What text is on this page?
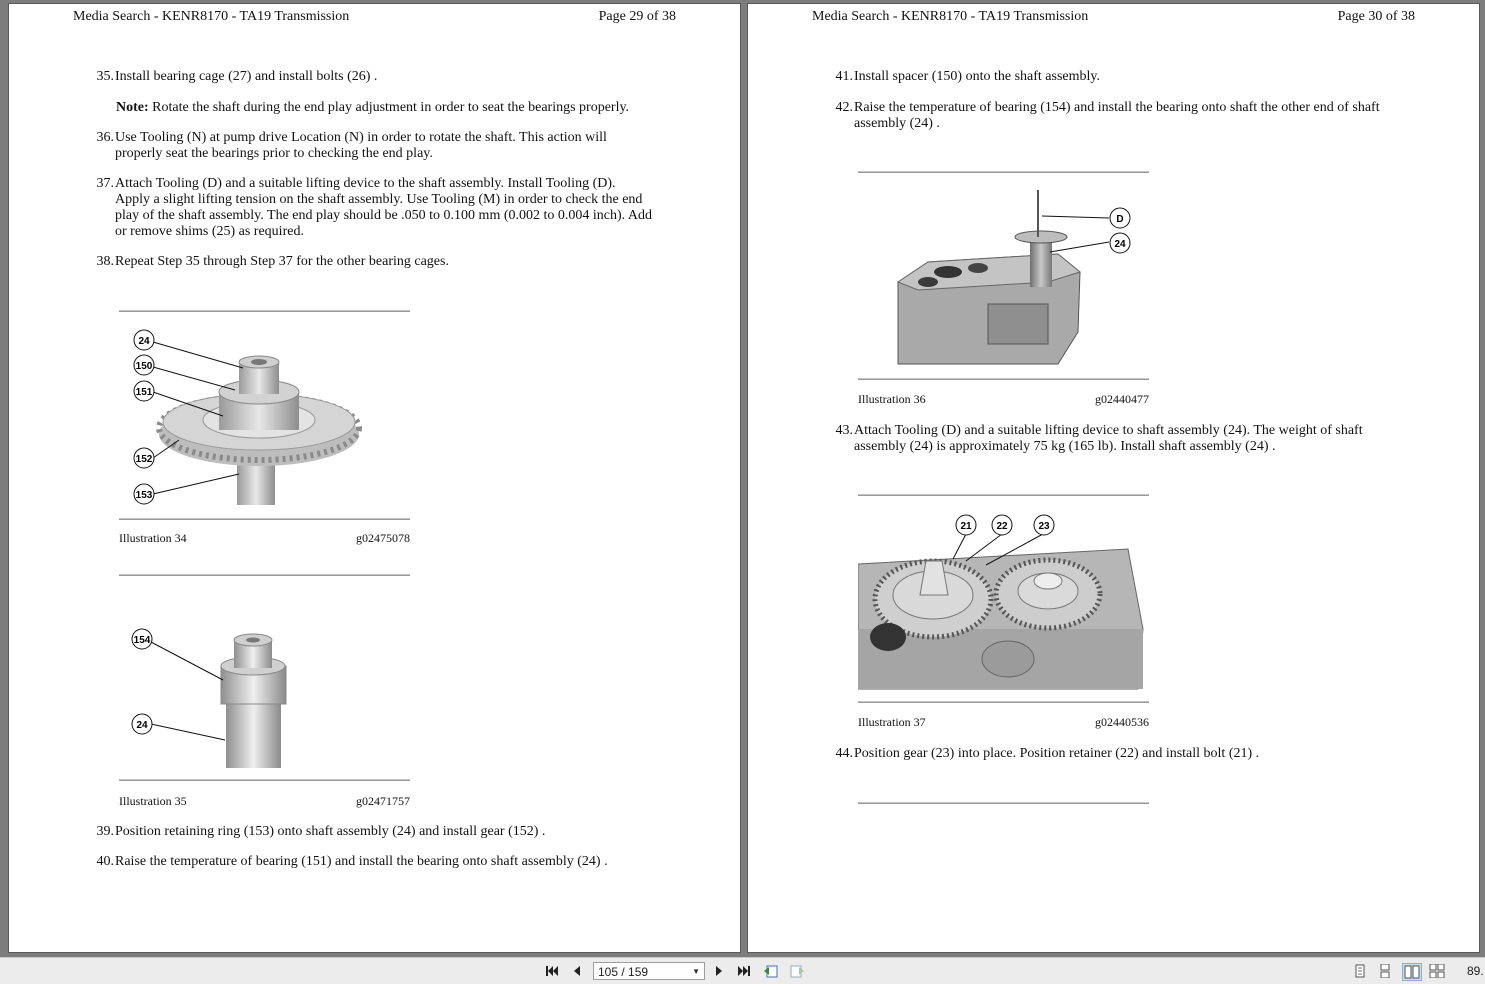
Media Search - KENR8170 - TA19 Transmission	Page 29 of 38
35. Install bearing cage (27) and install bolts (26) .
Note: Rotate the shaft during the end play adjustment in order to seat the bearings properly.
36. Use Tooling (N) at pump drive Location (N) in order to rotate the shaft. This action will
properly seat the bearings prior to checking the end play.
37. Attach Tooling (D) and a suitable lifting device to the shaft assembly. Install Tooling (D).
Apply a slight lifting tension on the shaft assembly. Use Tooling (M) in order to check the end
play of the shaft assembly. The end play should be .050 to 0.100 mm (0.002 to 0.004 inch). Add
or remove shims (25) as required.
38. Repeat Step 35 through Step 37 for the other bearing cages.
24
150
151
152
153
Illustration 34	g02475078
154
24
Illustration 35	g02471757
39. Position retaining ring (153) onto shaft assembly (24) and install gear (152) .
40. Raise the temperature of bearing (151) and install the bearing onto shaft assembly (24) .
Media Search - KENR8170 - TA19 Transmission	Page 30 of 38
41. Install spacer (150) onto the shaft assembly.
42. Raise the temperature of bearing (154) and install the bearing onto shaft the other end of shaft
assembly (24) .
D
24
Illustration 36	g02440477
43. Attach Tooling (D) and a suitable lifting device to shaft assembly (24). The weight of shaft
assembly (24) is approximately 75 kg (165 lb). Install shaft assembly (24) .
21 22	23
Illustration 37	g02440536
44. Position gear (23) into place. Position retainer (22) and install bolt (21) .
105 / 159	▼	89.
